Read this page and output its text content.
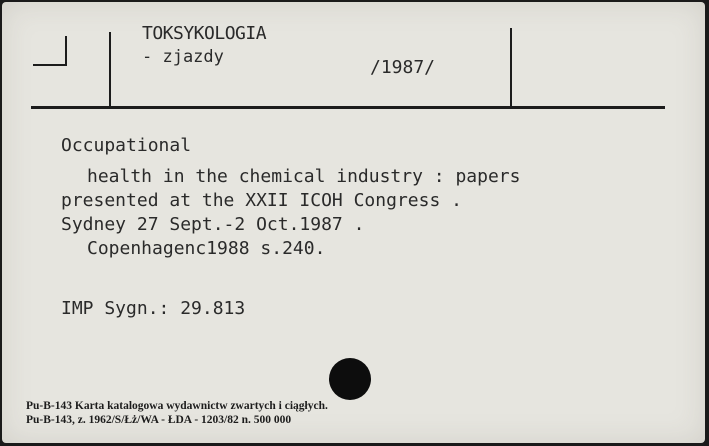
TOKSYKOLOGIA
- zjazdy	/1987/
Occupational
health in the chemical industry : papers
presented at the XXII ICOH Congress .
Sydney 27 Sept.-2 Oct.1987 .
Copenhagenc1988 s.240.
IMP Sygn.: 29.813
Pu-B-143 Karta katalogowa wydawnictw zwartych i ciągłych.
Pu-B-143, z. 1962/S/Łż/WA - ŁDA - 1203/82 n. 500 000
